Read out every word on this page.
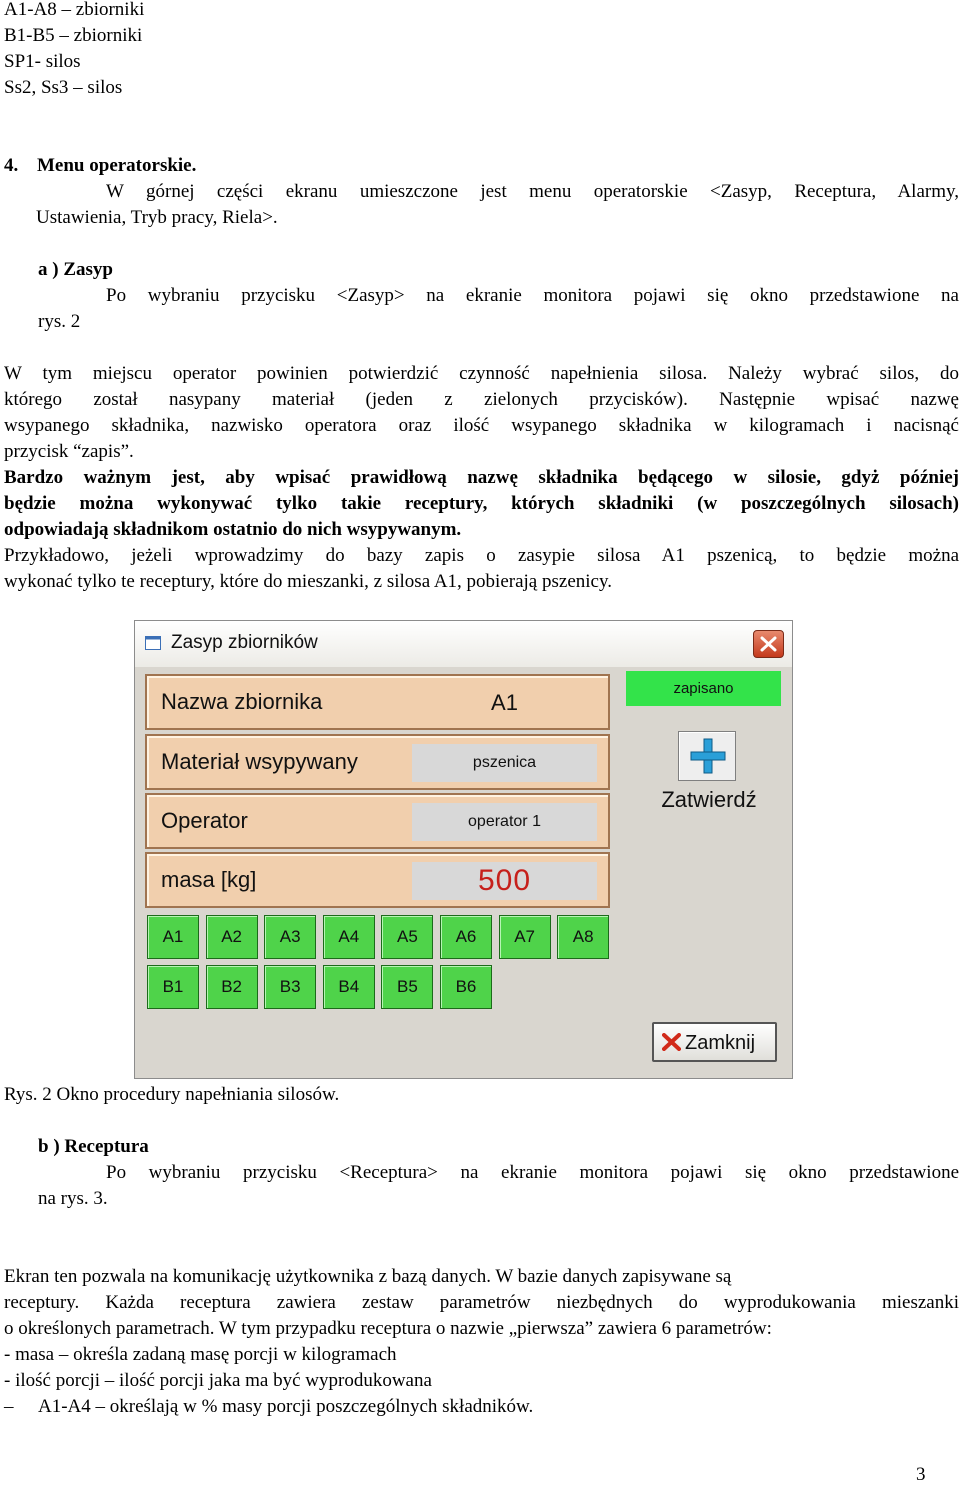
A1-A8 – zbiorniki
B1-B5 – zbiorniki
SP1- silos
Ss2, Ss3 – silos
4. Menu operatorskie.
W górnej części ekranu umieszczone jest menu operatorskie <Zasyp, Receptura, Alarmy,
Ustawienia, Tryb pracy, Riela>.
a ) Zasyp
Po wybraniu przycisku <Zasyp> na ekranie monitora pojawi się okno przedstawione na
rys. 2
W tym miejscu operator powinien potwierdzić czynność napełnienia silosa. Należy wybrać silos, do
którego został nasypany materiał (jeden z zielonych przycisków). Następnie wpisać nazwę
wsypanego składnika, nazwisko operatora oraz ilość wsypanego składnika w kilogramach i nacisnąć
przycisk “zapis”.
Bardzo ważnym jest, aby wpisać prawidłową nazwę składnika będącego w silosie, gdyż później
będzie można wykonywać tylko takie receptury, których składniki (w poszczególnych silosach)
odpowiadają składnikom ostatnio do nich wsypywanym.
Przykładowo, jeżeli wprowadzimy do bazy zapis o zasypie silosa A1 pszenicą, to będzie można
wykonać tylko te receptury, które do mieszanki, z silosa A1, pobierają pszenicy.
Zasyp zbiorników
Nazwa zbiornika	A1
Materiał wsypywany	pszenica
Operator	operator 1
masa [kg]	500
A1	A2	A3	A4	A5	A6	A7	A8
B1	B2	B3	B4	B5	B6
zapisano
Zatwierdź
Zamknij
Rys. 2 Okno procedury napełniania silosów.
b ) Receptura
Po wybraniu przycisku <Receptura> na ekranie monitora pojawi się okno przedstawione
na rys. 3.
Ekran ten pozwala na komunikację użytkownika z bazą danych. W bazie danych zapisywane są
receptury. Każda receptura zawiera zestaw parametrów niezbędnych do wyprodukowania mieszanki
o określonych parametrach. W tym przypadku receptura o nazwie „pierwsza” zawiera 6 parametrów:
- masa – określa zadaną masę porcji w kilogramach
- ilość porcji – ilość porcji jaka ma być wyprodukowana
– A1-A4 – określają w % masy porcji poszczególnych składników.
3
